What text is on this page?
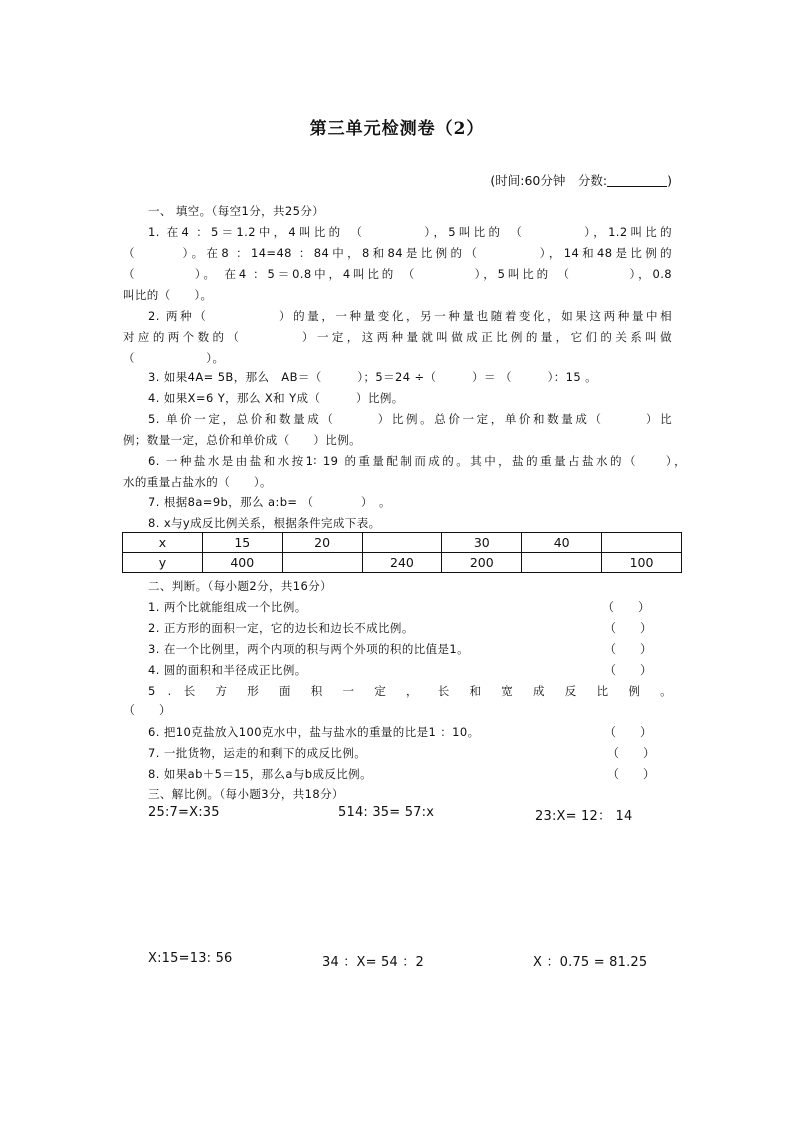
第三单元检测卷（2）
(时间:60分钟　分数:	)
一、 填空。（每空1分，共25分）
1. 在4 ：5＝1.2中，4叫比的 （　　　　），5叫比的 （　　　　），1.2叫比的
（　　　）。在8 ：14=48 ：84中，8和84是比例的（　　　　），14和48是比例的
（　　　　）。 在4 ：5＝0.8中，4叫比的 （　　　　），5叫比的 （　　　　），0.8
叫比的（　　）。
2. 两种（　　　　　）的量，一种量变化，另一种量也随着变化，如果这两种量中相
对应的两个数的（　　　　）一定，这两种量就叫做成正比例的量，它们的关系叫做
（　　　　　　）。
3. 如果4A= 5B，那么　AB＝（　　　）；5＝24 ÷（　　　）＝ （　　　）：15 。
4. 如果X=6 Y，那么 X和 Y成（　　　）比例。
5. 单价一定，总价和数量成（　　　）比例。总价一定，单价和数量成（　　　）比
例；数量一定，总价和单价成（　　）比例。
6. 一种盐水是由盐和水按1∶ 19 的重量配制而成的。其中，盐的重量占盐水的（　　），
水的重量占盐水的（　　）。
7. 根据8a=9b，那么 a:b= （　　　　）　。
8. x与y成反比例关系，根据条件完成下表。
x	15	20		30	40	
y	400		240	200		100
二、判断。（每小题2分，共16分）
1. 两个比就能组成一个比例。	（　　）
2. 正方形的面积一定，它的边长和边长不成比例。	（　　）
3. 在一个比例里，两个内项的积与两个外项的积的比值是1。	（　　）
4. 圆的面积和半径成正比例。	（　　）
5 . 长 方 形 面 积 一 定 ， 长 和 宽 成 反 比 例 。
（　　）
6. 把10克盐放入100克水中，盐与盐水的重量的比是1 ：10。	（　　）
7. 一批货物，运走的和剩下的成反比例。	（　　）
8. 如果ab＋5＝15，那么a与b成反比例。	（　　）
三、解比例。（每小题3分，共18分）
25:7=X:35	514: 35= 57:x	23:X= 12： 14
X:15=13: 56	34 ：X= 54 ：2	X ：0.75 = 81.25
